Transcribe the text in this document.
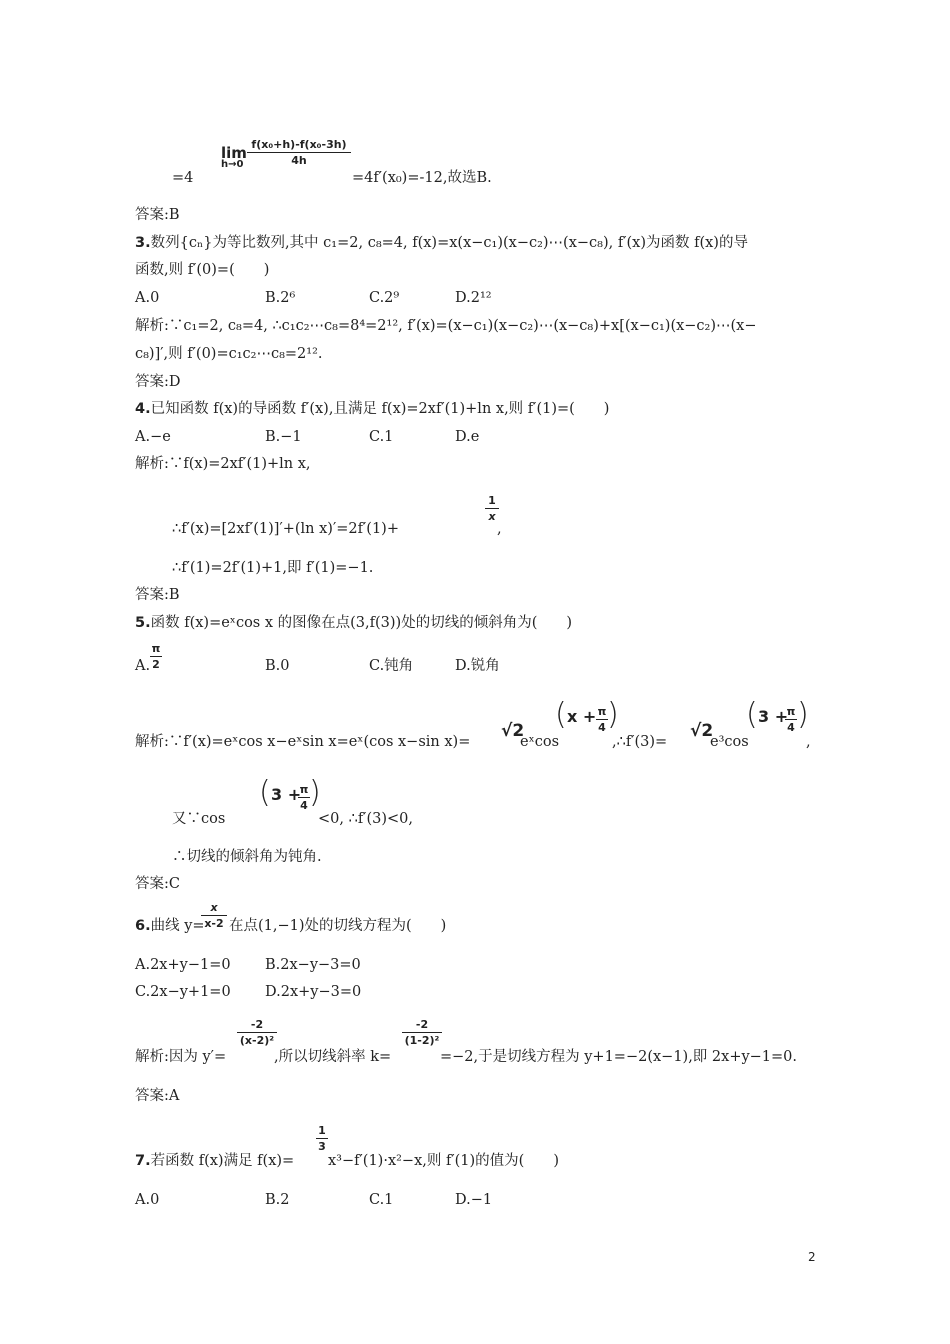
lim
h→0
f(x₀+h)-f(x₀-3h)
4h
=4	=4f′(x₀)=-12,故选B.
答案:B
3.数列{cₙ}为等比数列,其中 c₁=2, c₈=4, f(x)=x(x−c₁)(x−c₂)⋯(x−c₈), f′(x)为函数 f(x)的导
函数,则 f′(0)=(　　)
A.0	B.2⁶	C.2⁹	D.2¹²
解析:∵c₁=2, c₈=4, ∴c₁c₂⋯c₈=8⁴=2¹², f′(x)=(x−c₁)(x−c₂)⋯(x−c₈)+x[(x−c₁)(x−c₂)⋯(x−
c₈)]′,则 f′(0)=c₁c₂⋯c₈=2¹².
答案:D
4.已知函数 f(x)的导函数 f′(x),且满足 f(x)=2xf′(1)+ln x,则 f′(1)=(　　)
A.−e	B.−1	C.1	D.e
解析:∵f(x)=2xf′(1)+ln x,
∴f′(x)=[2xf′(1)]′+(ln x)′=2f′(1)+
1
x
,
∴f′(1)=2f′(1)+1,即 f′(1)=−1.
答案:B
5.函数 f(x)=eˣcos x 的图像在点(3,f(3))处的切线的倾斜角为(　　)
A.
π
2	B.0	C.钝角	D.锐角
解析:∵f′(x)=eˣcos x−eˣsin x=eˣ(cos x−sin x)=
√2
eˣcos
( x + π
4 )
,∴f′(3)=
√2
e³cos
( 3 +
π
4 )
,
又∵cos
( 3 +
π
4 )
<0, ∴f′(3)<0,
∴切线的倾斜角为钝角.
答案:C
6.曲线 y=
x
x-2 在点(1,−1)处的切线方程为(　　)
A.2x+y−1=0 B.2x−y−3=0
C.2x−y+1=0 D.2x+y−3=0
解析:因为 y′=
-2
(x-2)²
,所以切线斜率 k=
-2
(1-2)²
=−2,于是切线方程为 y+1=−2(x−1),即 2x+y−1=0.
答案:A
7.若函数 f(x)满足 f(x)=
1
3
x³−f′(1)·x²−x,则 f′(1)的值为(　　)
A.0	B.2	C.1	D.−1
2
